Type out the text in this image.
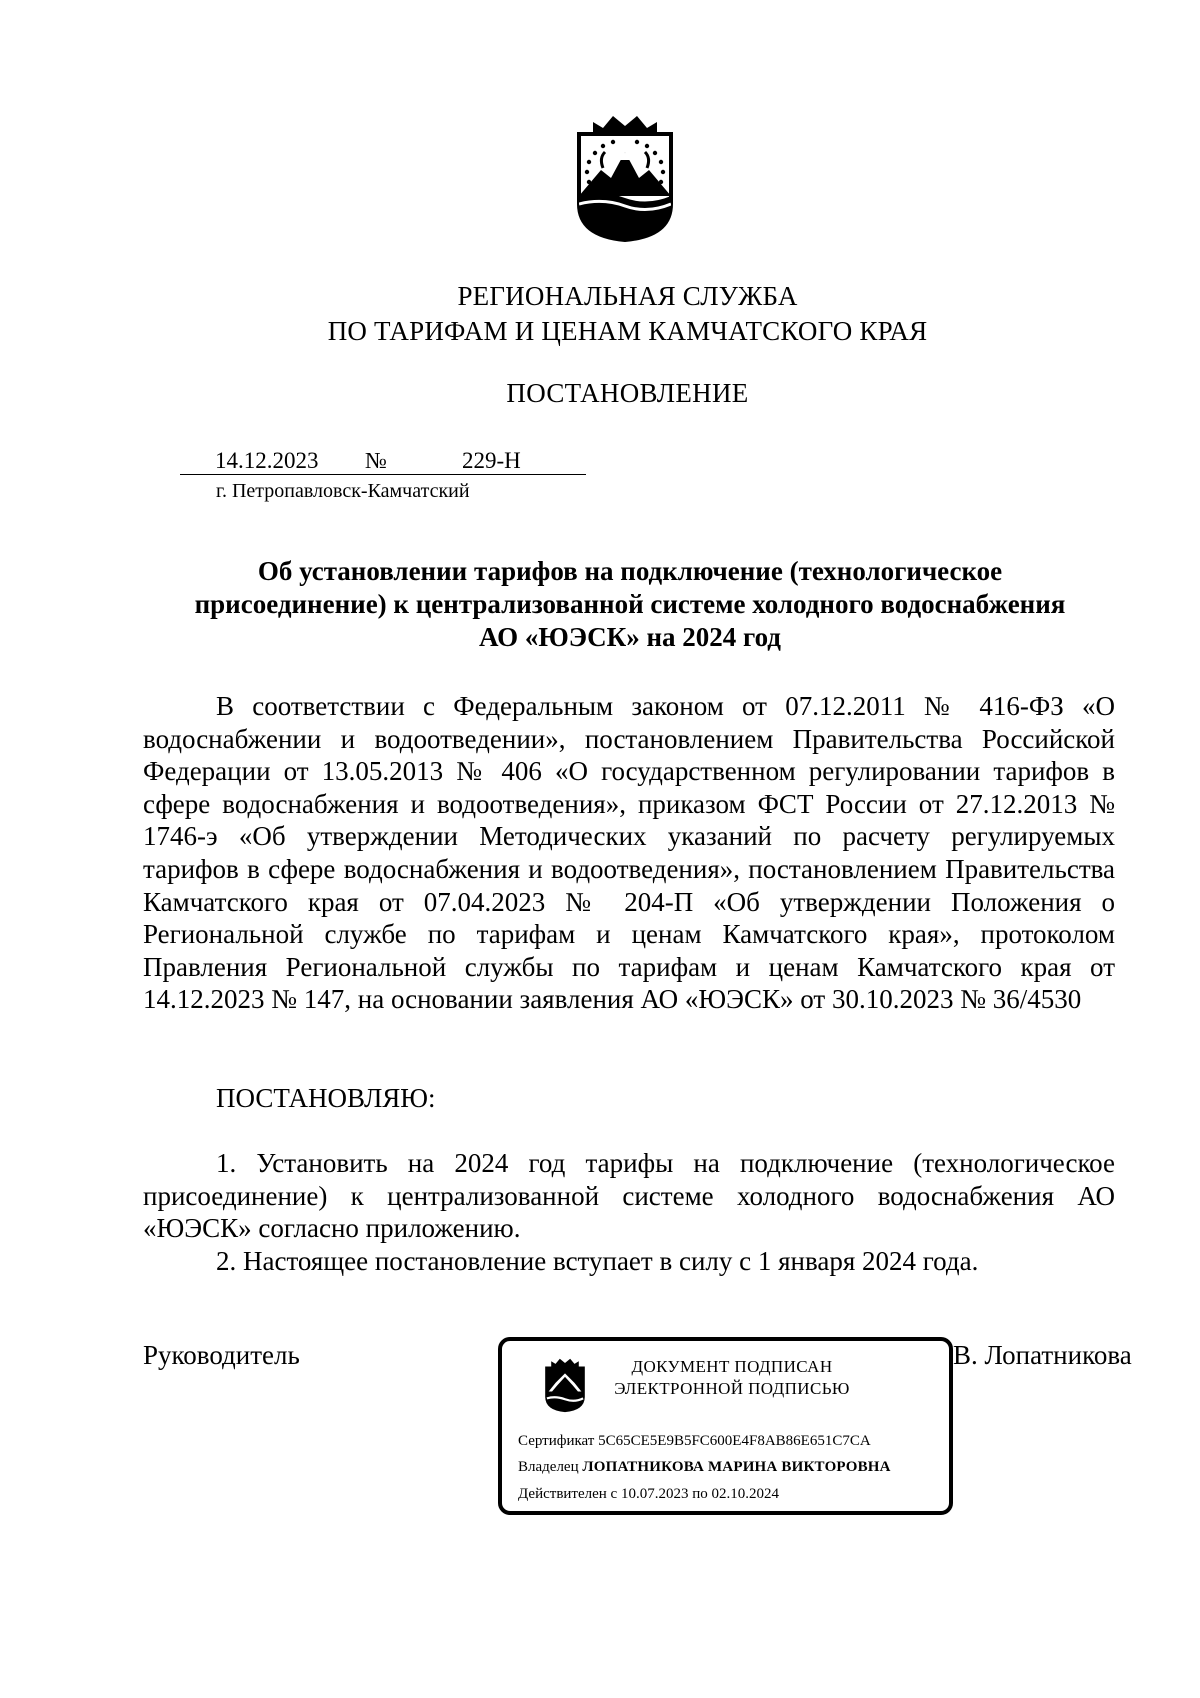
РЕГИОНАЛЬНАЯ СЛУЖБА
ПО ТАРИФАМ И ЦЕНАМ КАМЧАТСКОГО КРАЯ
ПОСТАНОВЛЕНИЕ
14.12.2023 №	229-Н
г. Петропавловск-Камчатский
Об установлении тарифов на подключение (технологическое
присоединение) к централизованной системе холодного водоснабжения
АО «ЮЭСК» на 2024 год
В соответствии с Федеральным законом от 07.12.2011 № 416-ФЗ «О водоснабжении и водоотведении», постановлением Правительства Российской Федерации от 13.05.2013 № 406 «О государственном регулировании тарифов в сфере водоснабжения и водоотведения», приказом ФСТ России от 27.12.2013 № 1746-э «Об утверждении Методических указаний по расчету регулируемых тарифов в сфере водоснабжения и водоотведения», постановлением Правительства Камчатского края от 07.04.2023 № 204-П «Об утверждении Положения о Региональной службе по тарифам и ценам Камчатского края», протоколом Правления Региональной службы по тарифам и ценам Камчатского края от 14.12.2023 № 147, на основании заявления АО «ЮЭСК» от 30.10.2023 № 36/4530
ПОСТАНОВЛЯЮ:
1. Установить на 2024 год тарифы на подключение (технологическое присоединение) к централизованной системе холодного водоснабжения АО «ЮЭСК» согласно приложению.
2. Настоящее постановление вступает в силу с 1 января 2024 года.
Руководитель	ДОКУМЕНТ ПОДПИСАН
ЭЛЕКТРОННОЙ ПОДПИСЬЮ
Сертификат 5C65CE5E9B5FC600E4F8AB86E651C7CA
Владелец ЛОПАТНИКОВА МАРИНА ВИКТОРОВНА
Действителен с 10.07.2023 по 02.10.2024
В. Лопатникова
